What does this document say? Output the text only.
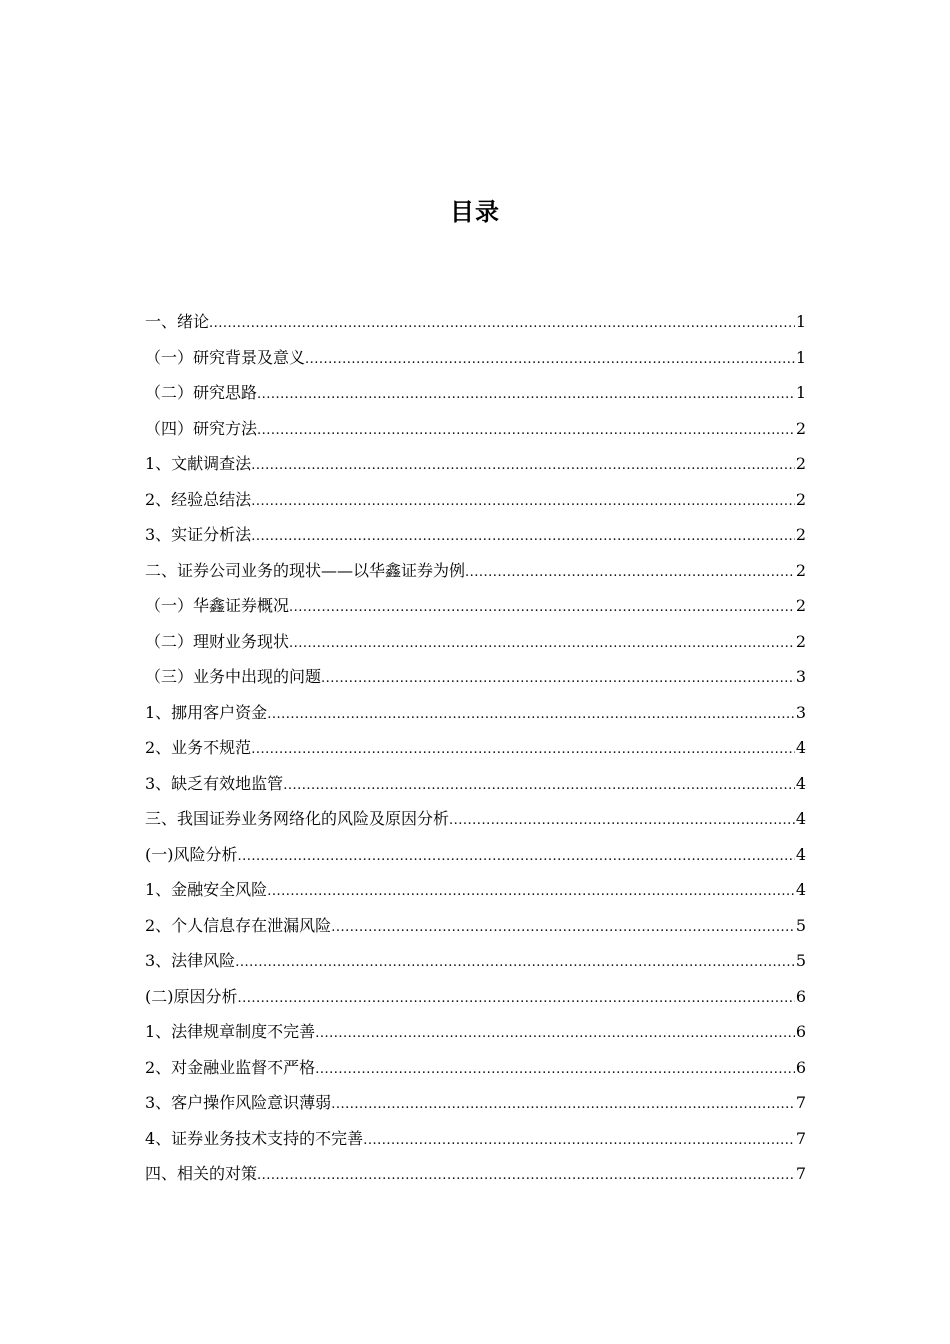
目录
一、绪论 .....	1
（一）研究背景及意义 .....	1
（二）研究思路 .....	1
（四）研究方法 .....	2
1、文献调查法 .....	2
2、经验总结法 .....	2
3、实证分析法 .....	2
二、证券公司业务的现状——以华鑫证券为例 .....	2
（一）华鑫证券概况 .....	2
（二）理财业务现状 .....	2
（三）业务中出现的问题 .....	3
1、挪用客户资金 .....	3
2、业务不规范 .....	4
3、缺乏有效地监管 .....	4
三、我国证券业务网络化的风险及原因分析 .....	4
(一)风险分析 .....	4
1、金融安全风险 .....	4
2、个人信息存在泄漏风险 .....	5
3、法律风险 .....	5
(二)原因分析 .....	6
1、法律规章制度不完善 .....	6
2、对金融业监督不严格 .....	6
3、客户操作风险意识薄弱 .....	7
4、证券业务技术支持的不完善 .....	7
四、相关的对策 .....	7
